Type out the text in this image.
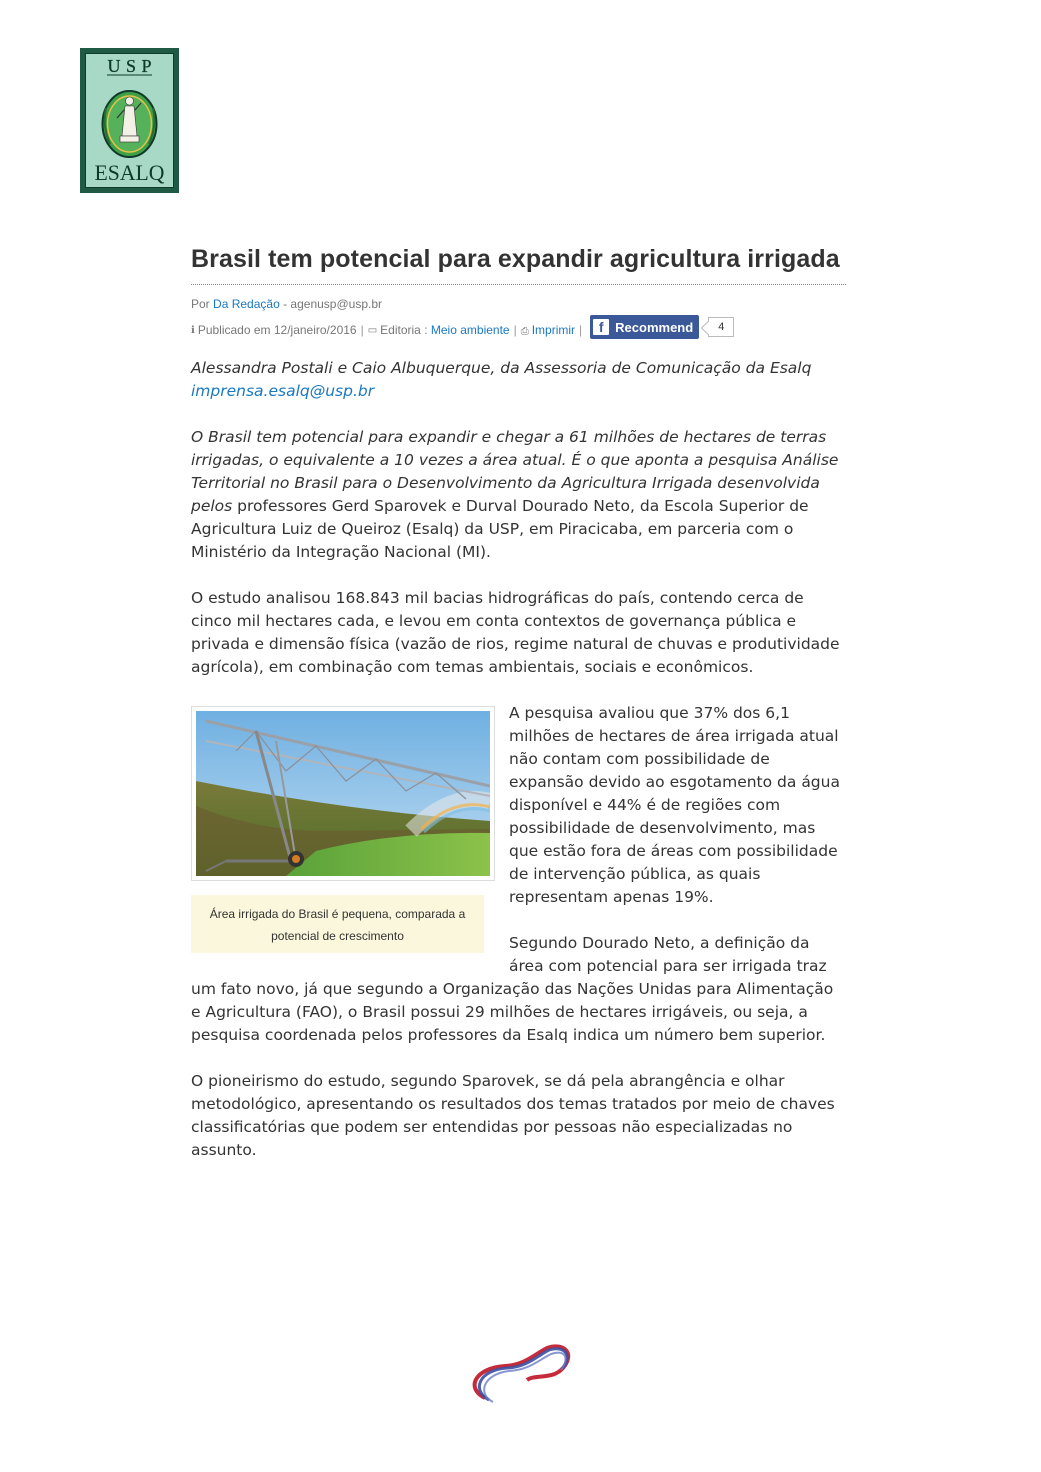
USP
ESALQ
Brasil tem potencial para expandir agricultura irrigada
Por Da Redação - agenusp@usp.br
ℹ Publicado em 12/janeiro/2016 | ▭ Editoria :
Meio ambiente | ⎙ Imprimir |	f Recommend	4

Alessandra Postali e Caio Albuquerque, da Assessoria de Comunicação da Esalq

imprensa.esalq@usp.br

O Brasil tem potencial para expandir e chegar a 61 milhões de hectares de terras irrigadas, o equivalente a 10 vezes a área atual. É o que aponta a pesquisa Análise Territorial no Brasil para o Desenvolvimento da Agricultura Irrigada desenvolvida pelos professores Gerd Sparovek e Durval Dourado Neto, da Escola Superior de Agricultura Luiz de Queiroz (Esalq) da USP, em Piracicaba, em parceria com o Ministério da Integração Nacional (MI).

O estudo analisou 168.843 mil bacias hidrográficas do país, contendo cerca de cinco mil hectares cada, e levou em conta contextos de governança pública e privada e dimensão física (vazão de rios, regime natural de chuvas e produtividade agrícola), em combinação com temas ambientais, sociais e econômicos.

Área irrigada do Brasil é pequena, comparada a potencial de crescimento

A pesquisa avaliou que 37% dos 6,1 milhões de hectares de área irrigada atual não contam com possibilidade de expansão devido ao esgotamento da água disponível e 44% é de regiões com possibilidade de desenvolvimento, mas que estão fora de áreas com possibilidade de intervenção pública, as quais representam apenas 19%.

Segundo Dourado Neto, a definição da área com potencial para ser irrigada traz um fato novo, já que segundo a Organização das Nações Unidas para Alimentação e Agricultura (FAO), o Brasil possui 29 milhões de hectares irrigáveis, ou seja, a pesquisa coordenada pelos professores da Esalq indica um número bem superior.

O pioneirismo do estudo, segundo Sparovek, se dá pela abrangência e olhar metodológico, apresentando os resultados dos temas tratados por meio de chaves classificatórias que podem ser entendidas por pessoas não especializadas no assunto.
